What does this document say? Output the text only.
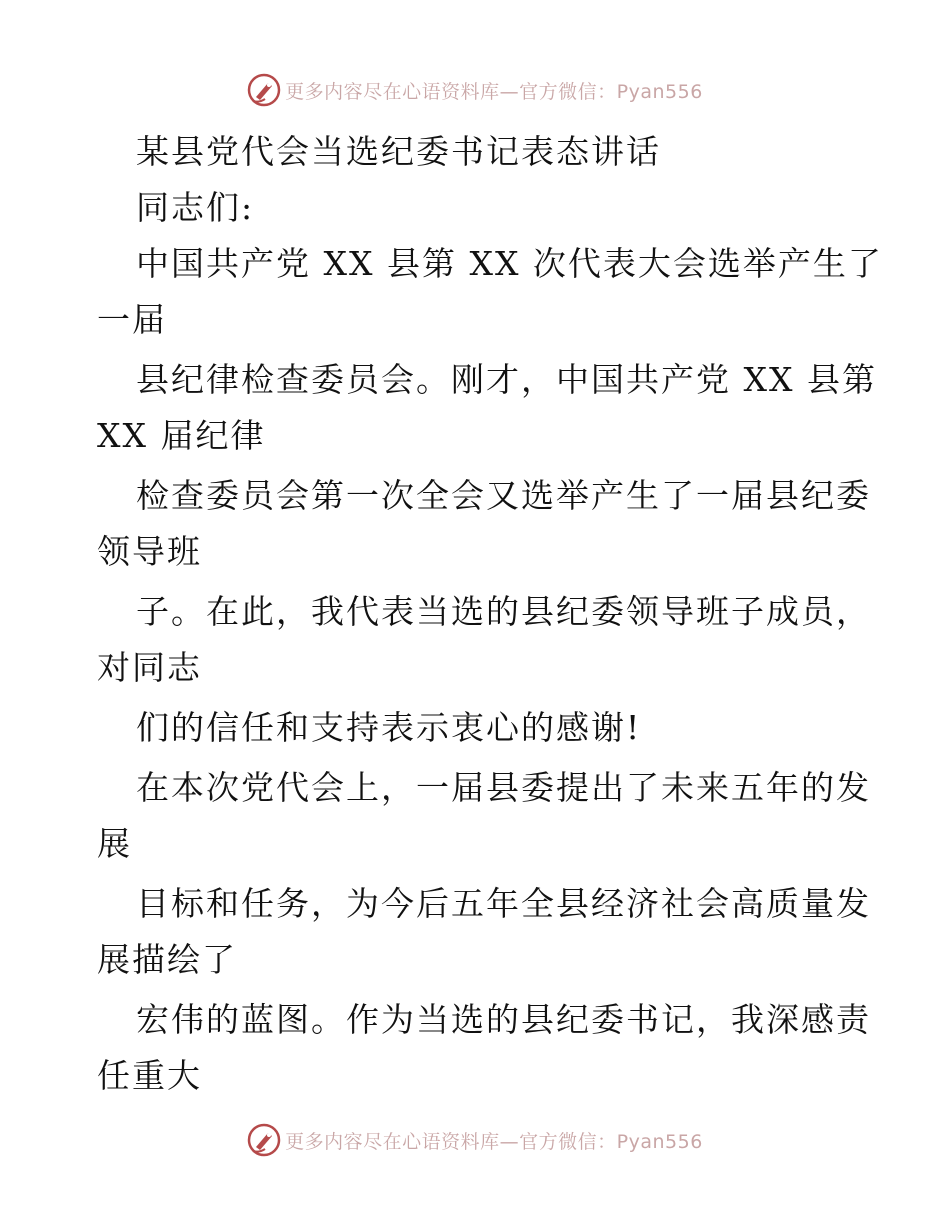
更多内容尽在心语资料库—官方微信：Pyan556
某县党代会当选纪委书记表态讲话
同志们:
中国共产党 XX 县第 XX 次代表大会选举产生了
一届
县纪律检查委员会。刚才，中国共产党 XX 县第
XX 届纪律
检查委员会第一次全会又选举产生了一届县纪委
领导班
子。在此，我代表当选的县纪委领导班子成员，
对同志
们的信任和支持表示衷心的感谢!
在本次党代会上，一届县委提出了未来五年的发
展
目标和任务，为今后五年全县经济社会高质量发
展描绘了
宏伟的蓝图。作为当选的县纪委书记，我深感责
任重大
更多内容尽在心语资料库—官方微信：Pyan556
